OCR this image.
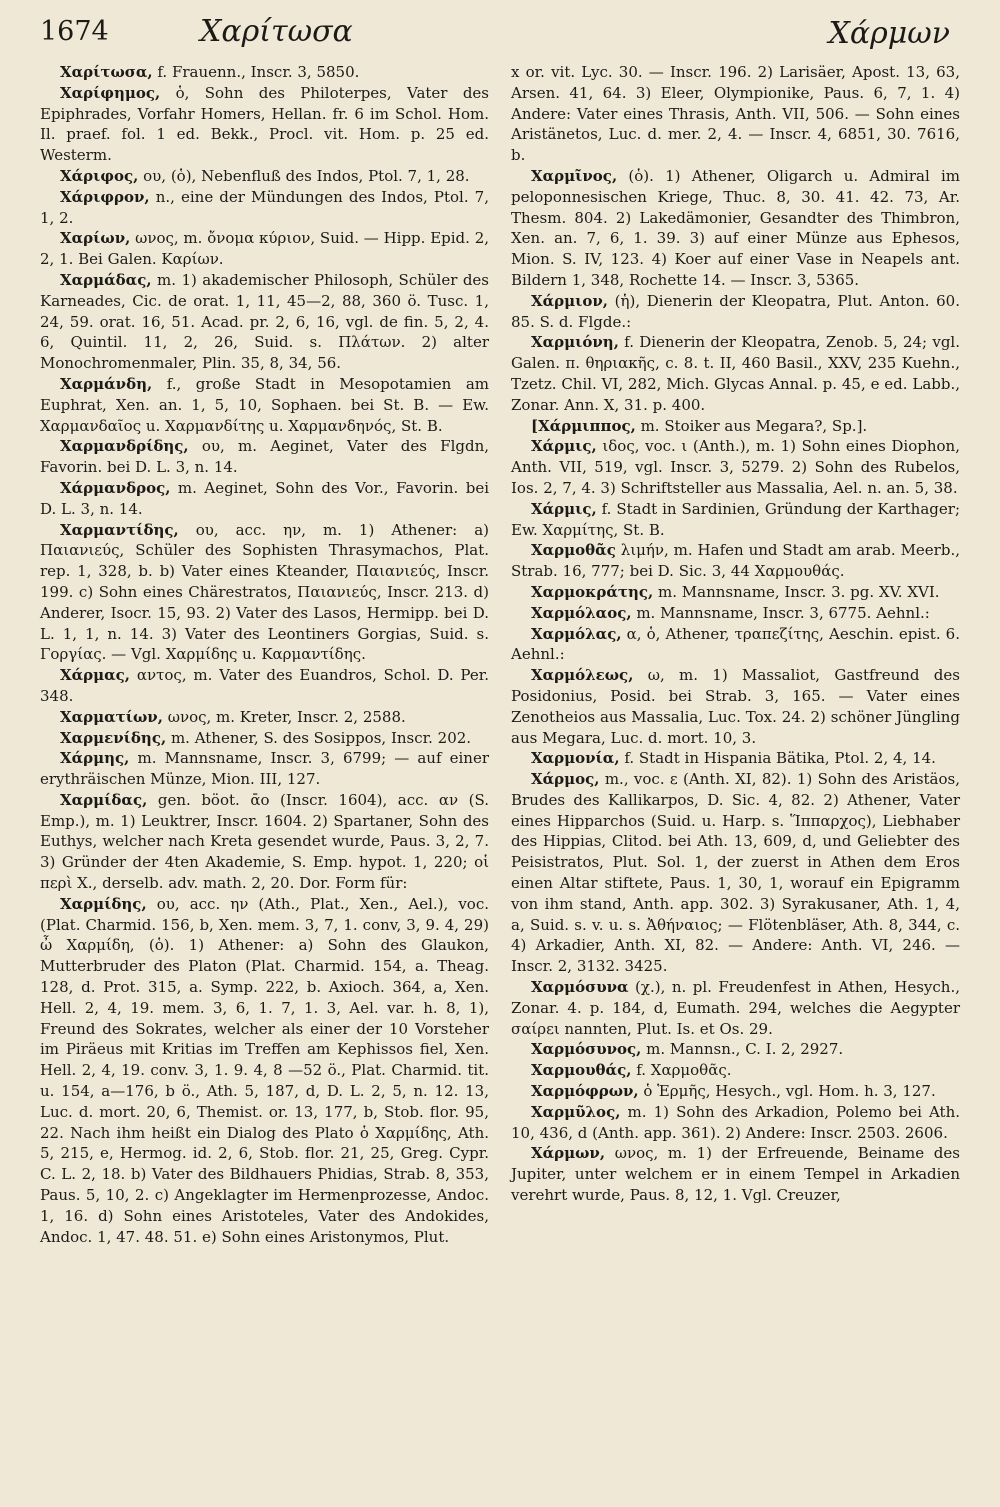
1674	Χαρίτωσα	Χάρμων

Χαρίτωσα, f. Frauenn., Inscr. 3, 5850.

Χαρίφημος, ὁ, Sohn des Philoterpes, Vater des Epiphrades, Vorfahr Homers, Hellan. fr. 6 im Schol. Hom. Il. praef. fol. 1 ed. Bekk., Procl. vit. Hom. p. 25 ed. Westerm.

Χάριφος, ου, (ὁ), Nebenfluß des Indos, Ptol. 7, 1, 28.

Χάριφρον, n., eine der Mündungen des Indos, Ptol. 7, 1, 2.

Χαρίων, ωνος, m. ὄνομα κύριον, Suid. — Hipp. Epid. 2, 2, 1. Bei Galen. Καρίων.

Χαρμάδας, m. 1) akademischer Philosoph, Schüler des Karneades, Cic. de orat. 1, 11, 45—2, 88, 360 ö. Tusc. 1, 24, 59. orat. 16, 51. Acad. pr. 2, 6, 16, vgl. de fin. 5, 2, 4. 6, Quintil. 11, 2, 26, Suid. s. Πλάτων. 2) alter Monochromenmaler, Plin. 35, 8, 34, 56.

Χαρμάνδη, f., große Stadt in Mesopotamien am Euphrat, Xen. an. 1, 5, 10, Sophaen. bei St. B. — Ew. Χαρμανδαῖος u. Χαρμανδίτης u. Χαρμανδηνός, St. B.

Χαρμανδρίδης, ου, m. Aeginet, Vater des Flgdn, Favorin. bei D. L. 3, n. 14.

Χάρμανδρος, m. Aeginet, Sohn des Vor., Favorin. bei D. L. 3, n. 14.

Χαρμαντίδης, ου, acc. ην, m. 1) Athener: a) Παιανιεύς, Schüler des Sophisten Thrasymachos, Plat. rep. 1, 328, b. b) Vater eines Kteander, Παιανιεύς, Inscr. 199. c) Sohn eines Chärestratos, Παιανιεύς, Inscr. 213. d) Anderer, Isocr. 15, 93. 2) Vater des Lasos, Hermipp. bei D. L. 1, 1, n. 14. 3) Vater des Leontiners Gorgias, Suid. s. Γοργίας. — Vgl. Χαρμίδης u. Καρμαντίδης.

Χάρμας, αντος, m. Vater des Euandros, Schol. D. Per. 348.

Χαρματίων, ωνος, m. Kreter, Inscr. 2, 2588.

Χαρμενίδης, m. Athener, S. des Sosippos, Inscr. 202.

Χάρμης, m. Mannsname, Inscr. 3, 6799; — auf einer erythräischen Münze, Mion. III, 127.

Χαρμίδας, gen. böot. ᾱο (Inscr. 1604), acc. αν (S. Emp.), m. 1) Leuktrer, Inscr. 1604. 2) Spartaner, Sohn des Euthys, welcher nach Kreta gesendet wurde, Paus. 3, 2, 7. 3) Gründer der 4ten Akademie, S. Emp. hypot. 1, 220; οἱ περὶ Χ., derselb. adv. math. 2, 20. Dor. Form für:

Χαρμίδης, ου, acc. ην (Ath., Plat., Xen., Ael.), voc. (Plat. Charmid. 156, b, Xen. mem. 3, 7, 1. conv, 3, 9. 4, 29) ὦ Χαρμίδη, (ὁ). 1) Athener: a) Sohn des Glaukon, Mutterbruder des Platon (Plat. Charmid. 154, a. Theag. 128, d. Prot. 315, a. Symp. 222, b. Axioch. 364, a, Xen. Hell. 2, 4, 19. mem. 3, 6, 1. 7, 1. 3, Ael. var. h. 8, 1), Freund des Sokrates, welcher als einer der 10 Vorsteher im Piräeus mit Kritias im Treffen am Kephissos fiel, Xen. Hell. 2, 4, 19. conv. 3, 1. 9. 4, 8 —52 ö., Plat. Charmid. tit. u. 154, a—176, b ö., Ath. 5, 187, d, D. L. 2, 5, n. 12. 13, Luc. d. mort. 20, 6, Themist. or. 13, 177, b, Stob. flor. 95, 22. Nach ihm heißt ein Dialog des Plato ὁ Χαρμίδης, Ath. 5, 215, e, Hermog. id. 2, 6, Stob. flor. 21, 25, Greg. Cypr. C. L. 2, 18. b) Vater des Bildhauers Phidias, Strab. 8, 353, Paus. 5, 10, 2. c) Angeklagter im Hermenprozesse, Andoc. 1, 16. d) Sohn eines Aristoteles, Vater des Andokides, Andoc. 1, 47. 48. 51. e) Sohn eines Aristonymos, Plut.

x or. vit. Lyc. 30. — Inscr. 196. 2) Larisäer, Apost. 13, 63, Arsen. 41, 64. 3) Eleer, Olympionike, Paus. 6, 7, 1. 4) Andere: Vater eines Thrasis, Anth. VII, 506. — Sohn eines Aristänetos, Luc. d. mer. 2, 4. — Inscr. 4, 6851, 30. 7616, b.

Χαρμῖνος, (ὁ). 1) Athener, Oligarch u. Admiral im peloponnesischen Kriege, Thuc. 8, 30. 41. 42. 73, Ar. Thesm. 804. 2) Lakedämonier, Gesandter des Thimbron, Xen. an. 7, 6, 1. 39. 3) auf einer Münze aus Ephesos, Mion. S. IV, 123. 4) Koer auf einer Vase in Neapels ant. Bildern 1, 348, Rochette 14. — Inscr. 3, 5365.

Χάρμιον, (ἡ), Dienerin der Kleopatra, Plut. Anton. 60. 85. S. d. Flgde.:

Χαρμιόνη, f. Dienerin der Kleopatra, Zenob. 5, 24; vgl. Galen. π. θηριακῆς, c. 8. t. II, 460 Basil., XXV, 235 Kuehn., Tzetz. Chil. VI, 282, Mich. Glycas Annal. p. 45, e ed. Labb., Zonar. Ann. X, 31. p. 400.

[Χάρμιππος, m. Stoiker aus Megara?, Sp.].

Χάρμις, ιδος, voc. ι (Anth.), m. 1) Sohn eines Diophon, Anth. VII, 519, vgl. Inscr. 3, 5279. 2) Sohn des Rubelos, Ios. 2, 7, 4. 3) Schriftsteller aus Massalia, Ael. n. an. 5, 38.

Χάρμις, f. Stadt in Sardinien, Gründung der Karthager; Ew. Χαρμίτης, St. B.

Χαρμοθᾶς λιμήν, m. Hafen und Stadt am arab. Meerb., Strab. 16, 777; bei D. Sic. 3, 44 Χαρμουθάς.

Χαρμοκράτης, m. Mannsname, Inscr. 3. pg. XV. XVI.

Χαρμόλαος, m. Mannsname, Inscr. 3, 6775. Aehnl.:

Χαρμόλας, α, ὁ, Athener, τραπεζίτης, Aeschin. epist. 6. Aehnl.:

Χαρμόλεως, ω, m. 1) Massaliot, Gastfreund des Posidonius, Posid. bei Strab. 3, 165. — Vater eines Zenotheios aus Massalia, Luc. Tox. 24. 2) schöner Jüngling aus Megara, Luc. d. mort. 10, 3.

Χαρμονία, f. Stadt in Hispania Bätika, Ptol. 2, 4, 14.

Χάρμος, m., voc. ε (Anth. XI, 82). 1) Sohn des Aristäos, Brudes des Kallikarpos, D. Sic. 4, 82. 2) Athener, Vater eines Hipparchos (Suid. u. Harp. s. Ἵππαρχος), Liebhaber des Hippias, Clitod. bei Ath. 13, 609, d, und Geliebter des Peisistratos, Plut. Sol. 1, der zuerst in Athen dem Eros einen Altar stiftete, Paus. 1, 30, 1, worauf ein Epigramm von ihm stand, Anth. app. 302. 3) Syrakusaner, Ath. 1, 4, a, Suid. s. v. u. s. Ἀθήναιος; — Flötenbläser, Ath. 8, 344, c. 4) Arkadier, Anth. XI, 82. — Andere: Anth. VI, 246. — Inscr. 2, 3132. 3425.

Χαρμόσυνα (χ.), n. pl. Freudenfest in Athen, Hesych., Zonar. 4. p. 184, d, Eumath. 294, welches die Aegypter σαίρει nannten, Plut. Is. et Os. 29.

Χαρμόσυνος, m. Mannsn., C. I. 2, 2927.

Χαρμουθάς, f. Χαρμοθᾶς.

Χαρμόφρων, ὁ Ἑρμῆς, Hesych., vgl. Hom. h. 3, 127.

Χαρμῦλος, m. 1) Sohn des Arkadion, Polemo bei Ath. 10, 436, d (Anth. app. 361). 2) Andere: Inscr. 2503. 2606.

Χάρμων, ωνος, m. 1) der Erfreuende, Beiname des Jupiter, unter welchem er in einem Tempel in Arkadien verehrt wurde, Paus. 8, 12, 1. Vgl. Creuzer,
